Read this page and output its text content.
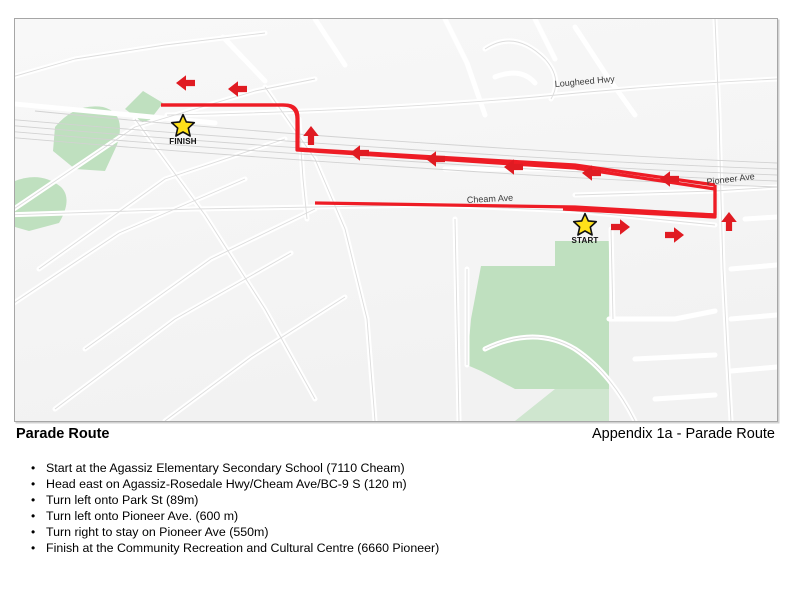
Lougheed Hwy
Cheam Ave
Pioneer Ave
FINISH
START
Parade Route	Appendix 1a - Parade Route
• Start at the Agassiz Elementary Secondary School (7110 Cheam)
• Head east on Agassiz-Rosedale Hwy/Cheam Ave/BC-9 S (120 m)
• Turn left onto Park St (89m)
• Turn left onto Pioneer Ave. (600 m)
• Turn right to stay on Pioneer Ave (550m)
• Finish at the Community Recreation and Cultural Centre (6660 Pioneer)
